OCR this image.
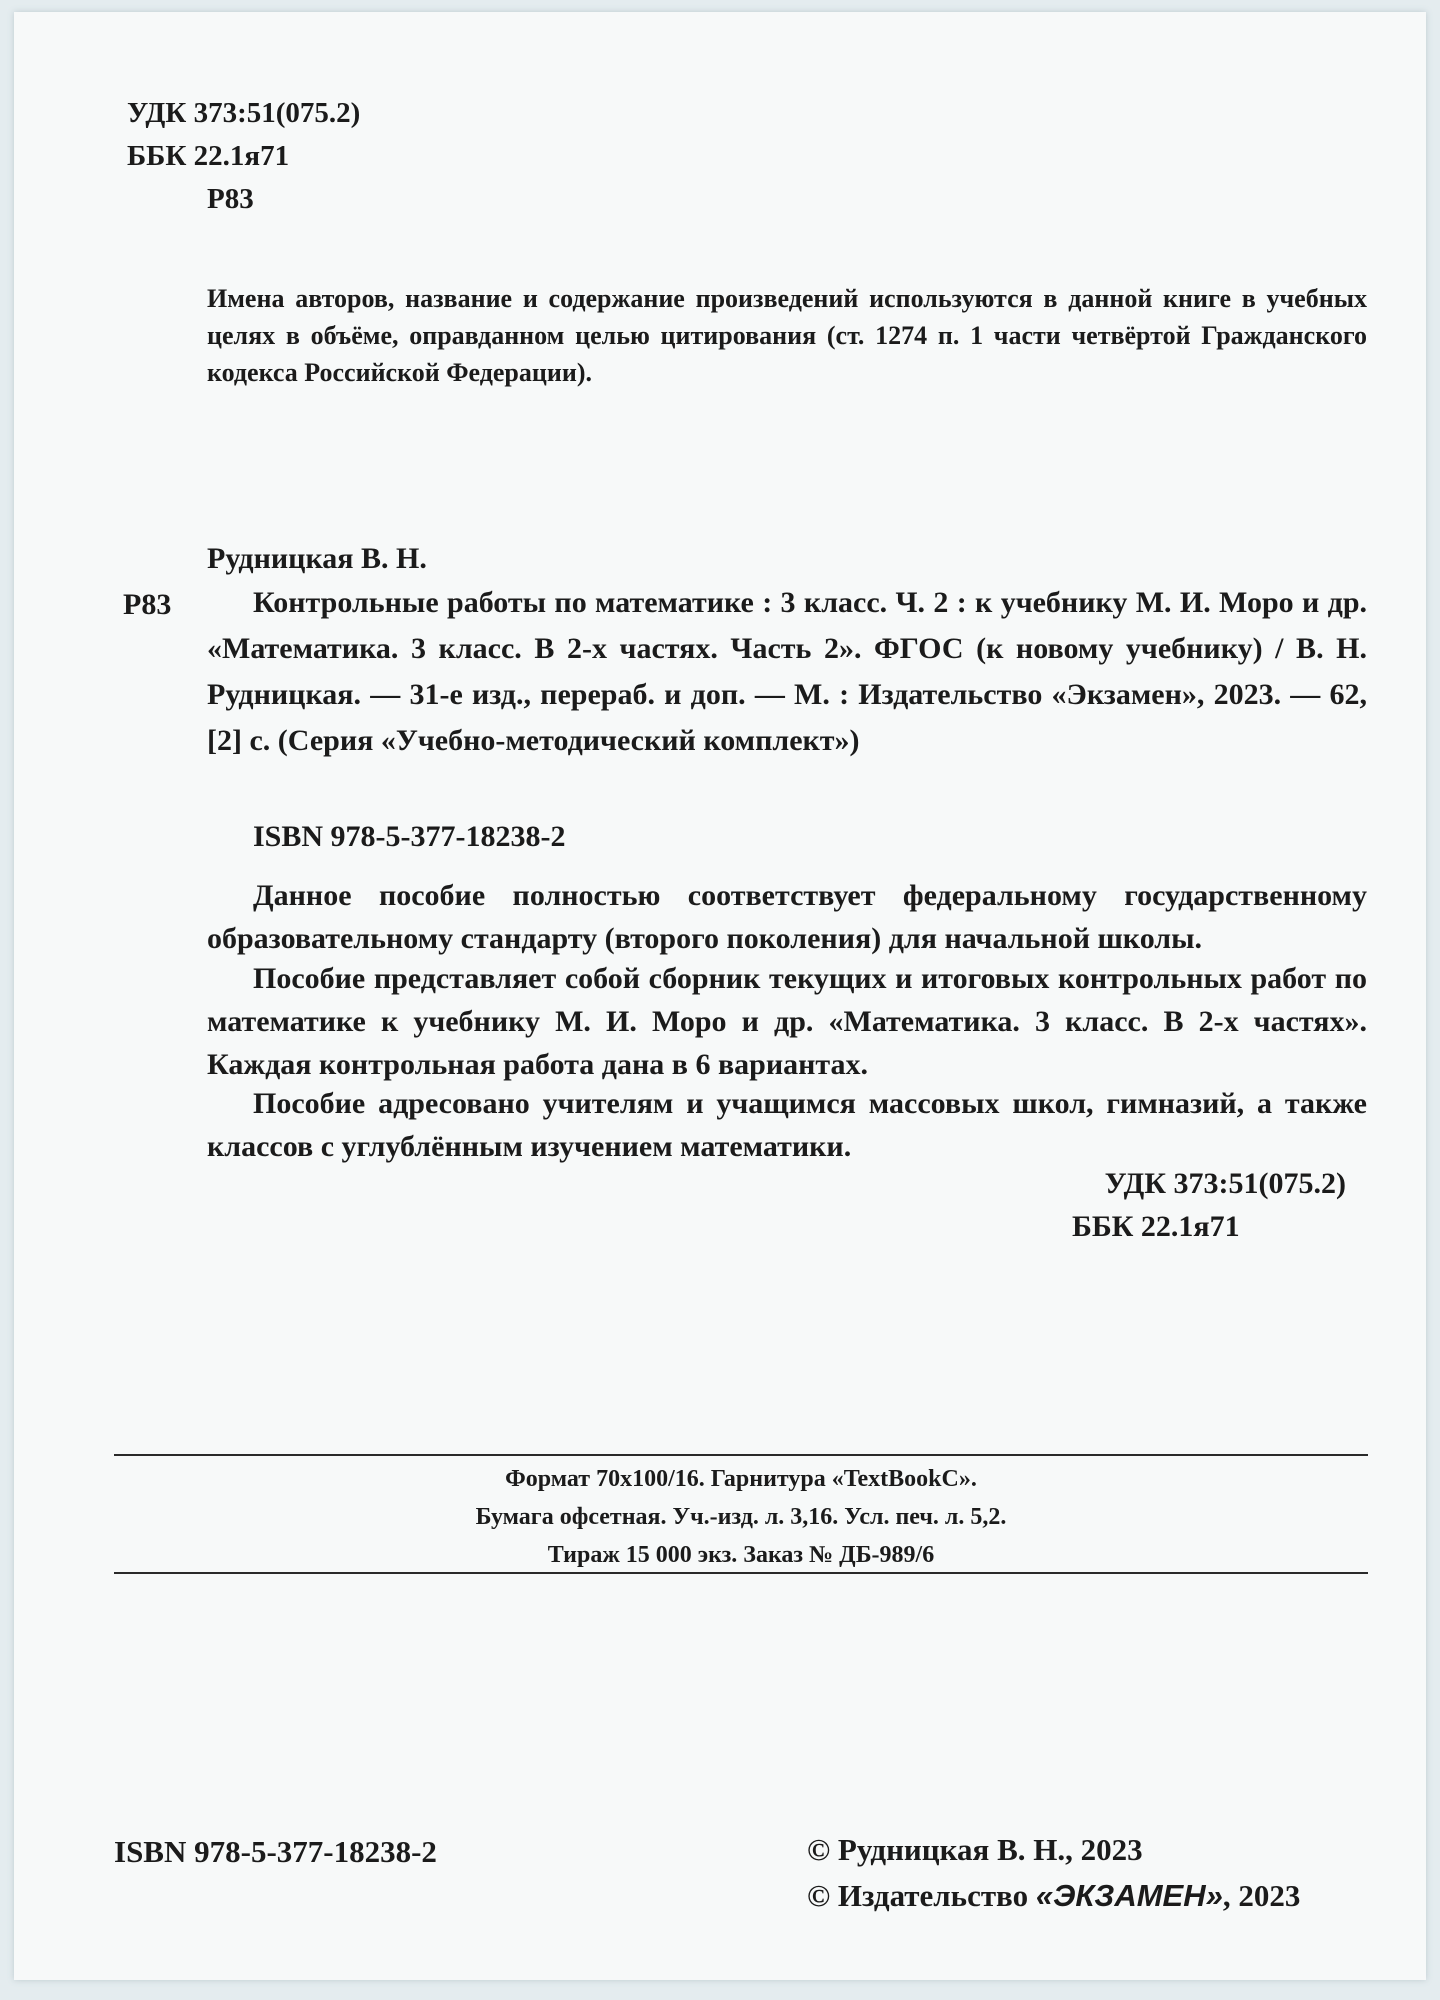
УДК 373:51(075.2)
ББК 22.1я71
Р83
Имена авторов, название и содержание произведений используются в данной книге в учебных целях в объёме, оправданном целью цитирования (ст. 1274 п. 1 части четвёртой Гражданского кодекса Российской Федерации).
Рудницкая В. Н.
Р83	Контрольные работы по математике : 3 класс. Ч. 2 : к учебнику М. И. Моро и др. «Математика. 3 класс. В 2-х частях. Часть 2». ФГОС (к новому учебнику) / В. Н. Рудницкая. — 31-е изд., перераб. и доп. — М. : Издательство «Экзамен», 2023. — 62, [2] с. (Серия «Учебно-методический комплект»)
ISBN 978-5-377-18238-2
Данное пособие полностью соответствует федеральному государственному образовательному стандарту (второго поколения) для начальной школы.
Пособие представляет собой сборник текущих и итоговых контрольных работ по математике к учебнику М. И. Моро и др. «Математика. 3 класс. В 2-х частях». Каждая контрольная работа дана в 6 вариантах.
Пособие адресовано учителям и учащимся массовых школ, гимназий, а также классов с углублённым изучением математики.
УДК 373:51(075.2)
ББК 22.1я71
Формат 70х100/16. Гарнитура «TextBookC».
Бумага офсетная. Уч.-изд. л. 3,16. Усл. печ. л. 5,2.
Тираж 15 000 экз. Заказ № ДБ-989/6
ISBN 978-5-377-18238-2	© Рудницкая В. Н., 2023
© Издательство «ЭКЗАМЕН», 2023
